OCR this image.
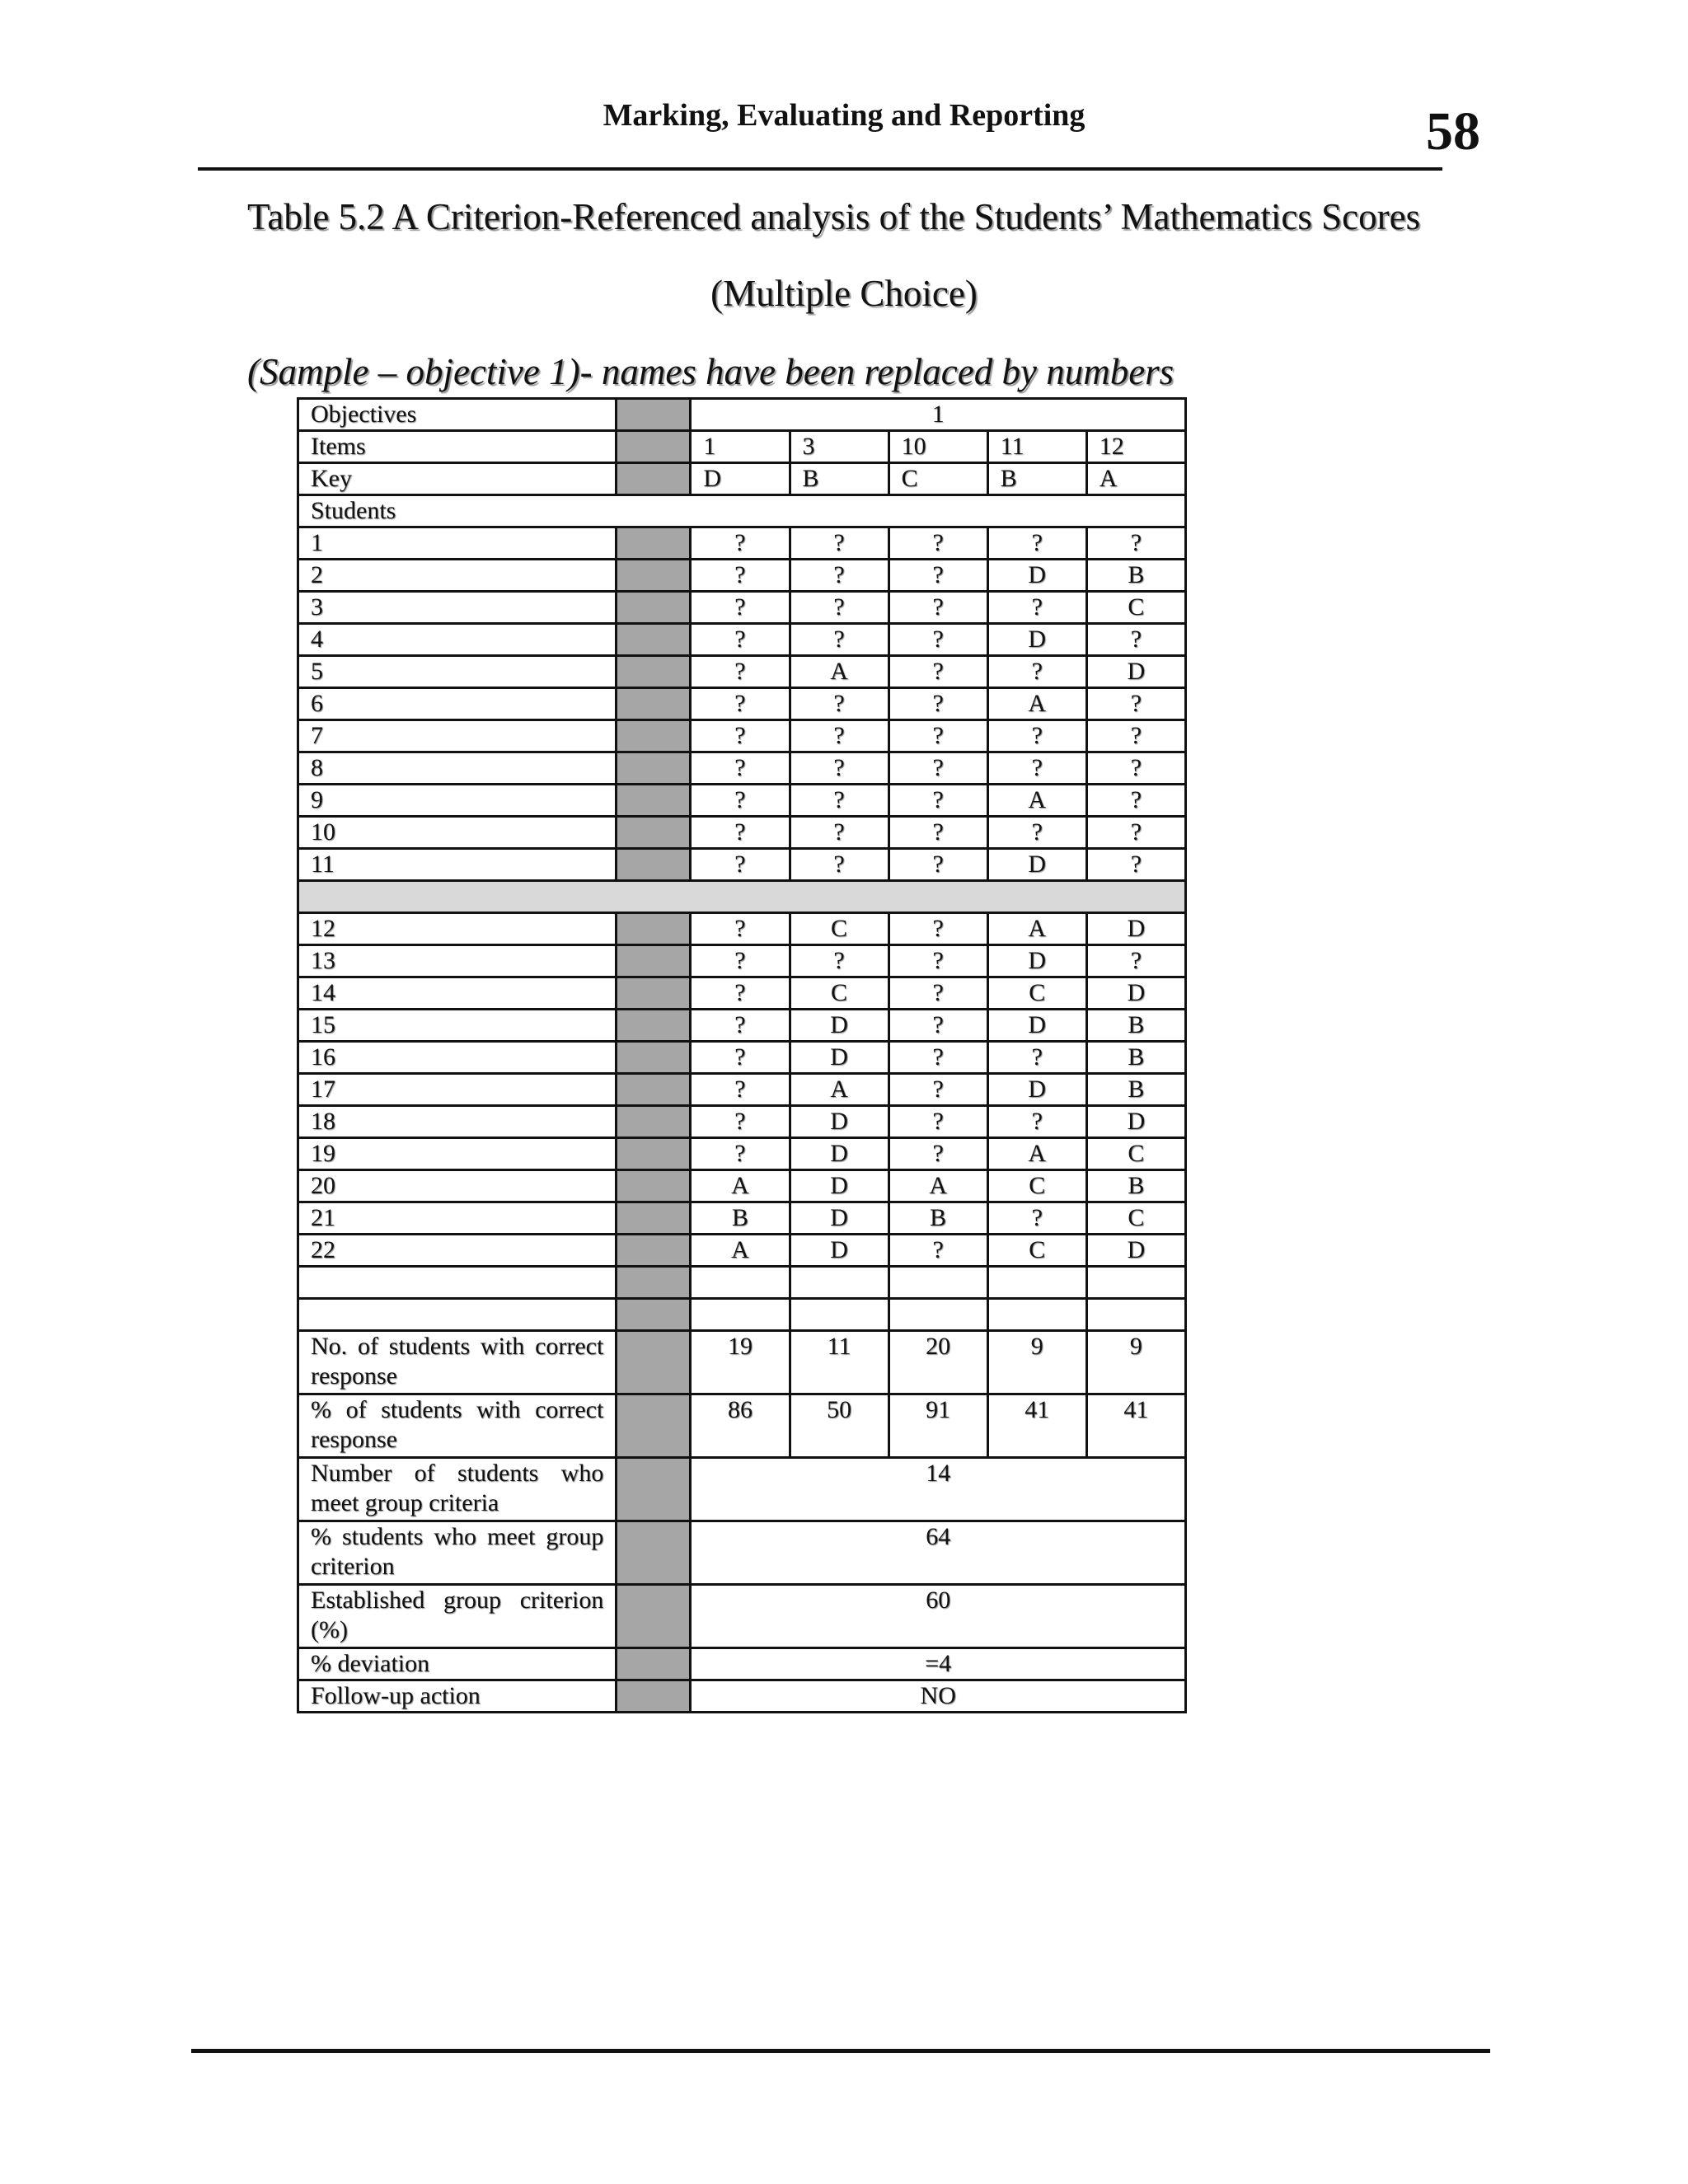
Marking, Evaluating and Reporting	58
Table 5.2 A Criterion-Referenced analysis of the Students’ Mathematics Scores
(Multiple Choice)
(Sample – objective 1)- names have been replaced by numbers
Objectives		1				
Items		1	3	10	11	12
Key		D	B	C	B	A
Students						
1		?	?	?	?	?
2		?	?	?	D	B
3		?	?	?	?	C
4		?	?	?	D	?
5		?	A	?	?	D
6		?	?	?	A	?
7		?	?	?	?	?
8		?	?	?	?	?
9		?	?	?	A	?
10		?	?	?	?	?
11		?	?	?	D	?

12		?	C	?	A	D
13		?	?	?	D	?
14		?	C	?	C	D
15		?	D	?	D	B
16		?	D	?	?	B
17		?	A	?	D	B
18		?	D	?	?	D
19		?	D	?	A	C
20		A	D	A	C	B
21		B	D	B	?	C
22		A	D	?	C	D

No. of students with correct response		19	11	20	9	9
% of students with correct response		86	50	91	41	41
Number of students who meet group criteria		14				
% students who meet group criterion		64				
Established group criterion (%)		60				
% deviation		=4				
Follow-up action		NO				
